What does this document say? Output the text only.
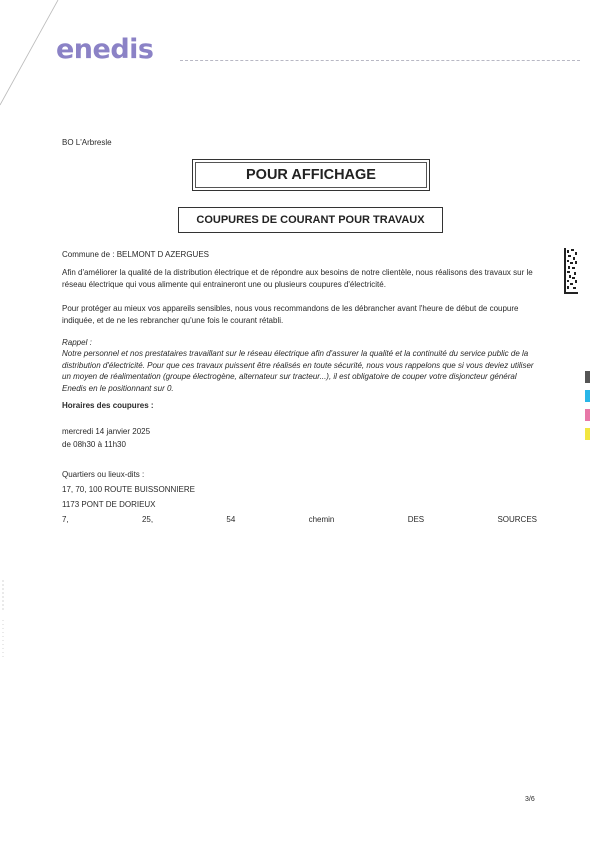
enedis
BO L'Arbresle
POUR AFFICHAGE
COUPURES DE COURANT POUR TRAVAUX
Commune de : BELMONT D AZERGUES
Afin d'améliorer la qualité de la distribution électrique et de répondre aux besoins de notre clientèle, nous réalisons des travaux sur le réseau électrique qui vous alimente qui entraineront une ou plusieurs coupures d'électricité.
Pour protéger au mieux vos appareils sensibles, nous vous recommandons de les débrancher avant l'heure de début de coupure indiquée, et de ne les rebrancher qu'une fois le courant rétabli.
Rappel :
Notre personnel et nos prestataires travaillant sur le réseau électrique afin d'assurer la qualité et la continuité du service public de la distribution d'électricité. Pour que ces travaux puissent être réalisés en toute sécurité, nous vous rappelons que si vous deviez utiliser un moyen de réalimentation (groupe électrogène, alternateur sur tracteur...), il est obligatoire de couper votre disjoncteur général Enedis en le positionnant sur 0.
Horaires des coupures :
mercredi 14 janvier 2025
de 08h30 à 11h30
Quartiers ou lieux-dits :
17, 70, 100 ROUTE BUISSONNIERE
1173 PONT DE DORIEUX
7,	25,	54	chemin	DES	SOURCES
3/6
